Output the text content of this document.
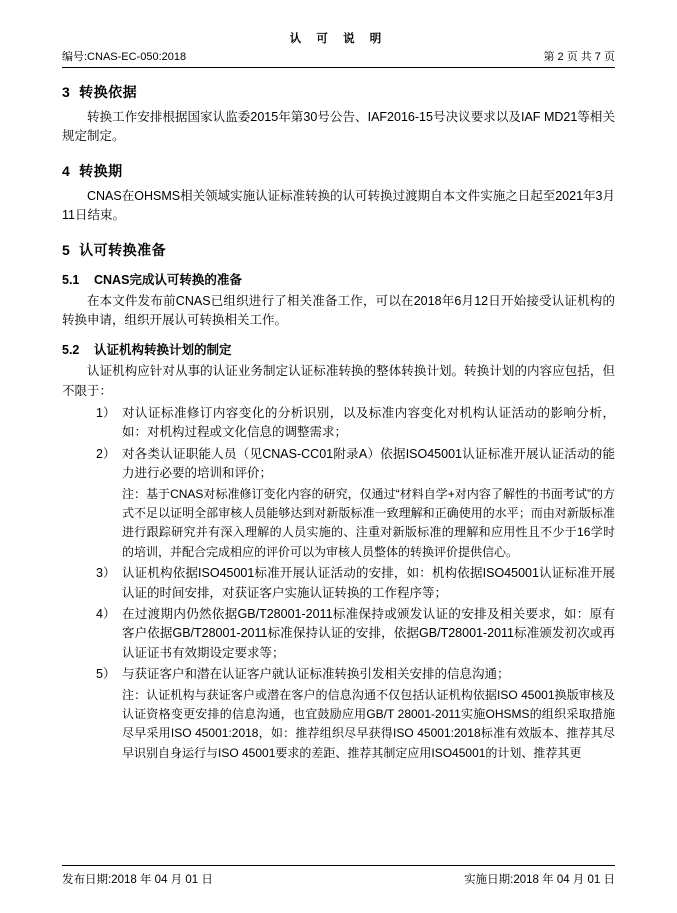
认 可 说 明
编号:CNAS-EC-050:2018	第 2 页 共 7 页
3 转换依据

转换工作安排根据国家认监委2015年第30号公告、IAF2016-15号决议要求以及IAF MD21等相关规定制定。

4 转换期

CNAS在OHSMS相关领域实施认证标准转换的认可转换过渡期自本文件实施之日起至2021年3月11日结束。

5 认可转换准备
5.1 CNAS完成认可转换的准备

在本文件发布前CNAS已组织进行了相关准备工作，可以在2018年6月12日开始接受认证机构的转换申请，组织开展认可转换相关工作。

5.2 认证机构转换计划的制定

认证机构应针对从事的认证业务制定认证标准转换的整体转换计划。转换计划的内容应包括，但不限于：

1） 对认证标准修订内容变化的分析识别，以及标准内容变化对机构认证活动的影响分析，如：对机构过程或文化信息的调整需求；
2） 对各类认证职能人员（见CNAS-CC01附录A）依据ISO45001认证标准开展认证活动的能力进行必要的培训和评价；
注：基于CNAS对标准修订变化内容的研究，仅通过“材料自学+对内容了解性的书面考试”的方式不足以证明全部审核人员能够达到对新版标准一致理解和正确使用的水平；而由对新版标准进行跟踪研究并有深入理解的人员实施的、注重对新版标准的理解和应用性且不少于16学时的培训，并配合完成相应的评价可以为审核人员整体的转换评价提供信心。
3） 认证机构依据ISO45001标准开展认证活动的安排，如：机构依据ISO45001认证标准开展认证的时间安排，对获证客户实施认证转换的工作程序等；
4） 在过渡期内仍然依据GB/T28001-2011标准保持或颁发认证的安排及相关要求，如：原有客户依据GB/T28001-2011标准保持认证的安排，依据GB/T28001-2011标准颁发初次或再认证证书有效期设定要求等；
5） 与获证客户和潜在认证客户就认证标准转换引发相关安排的信息沟通；
注：认证机构与获证客户或潜在客户的信息沟通不仅包括认证机构依据ISO 45001换版审核及认证资格变更安排的信息沟通，也宜鼓励应用GB/T 28001-2011实施OHSMS的组织采取措施尽早采用ISO 45001:2018，如：推荐组织尽早获得ISO 45001:2018标准有效版本、推荐其尽早识别自身运行与ISO 45001要求的差距、推荐其制定应用ISO45001的计划、推荐其更
发布日期:2018 年 04 月 01 日	实施日期:2018 年 04 月 01 日
